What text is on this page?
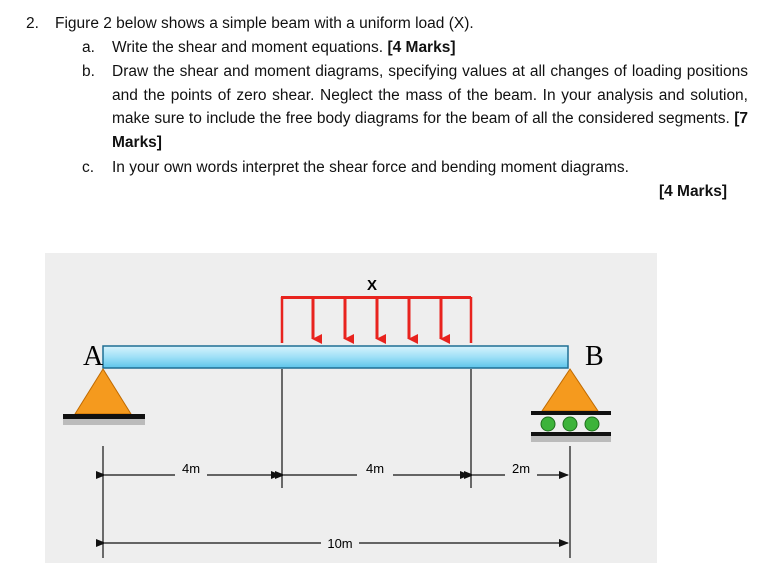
2. Figure 2 below shows a simple beam with a uniform load (X).
a.	Write the shear and moment equations. [4 Marks]
b.	Draw the shear and moment diagrams, specifying values at all changes of loading positions and the points of zero shear. Neglect the mass of the beam. In your analysis and solution, make sure to include the free body diagrams for the beam of all the considered segments. [7 Marks]
c.	In your own words interpret the shear force and bending moment diagrams.
[4 Marks]
X
A	B
4m	4m	2m
10m
